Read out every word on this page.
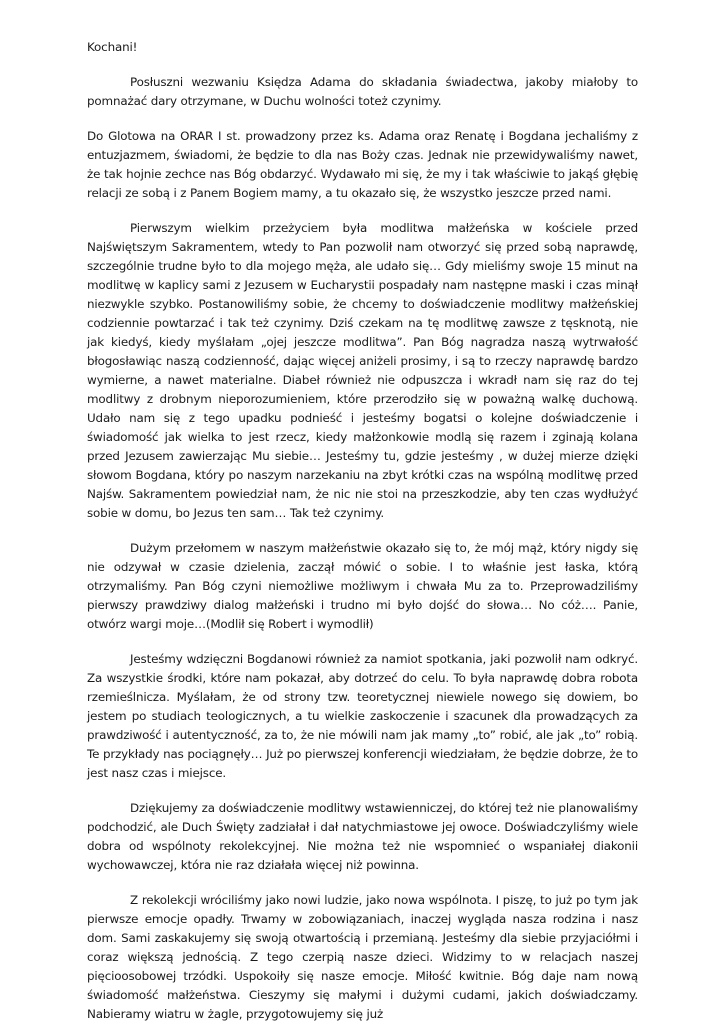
Kochani!

Posłuszni wezwaniu Księdza Adama do składania świadectwa, jakoby miałoby to pomnażać dary otrzymane, w Duchu wolności toteż czynimy.

Do Glotowa na ORAR I st. prowadzony przez ks. Adama oraz Renatę i Bogdana jechaliśmy z entuzjazmem, świadomi, że będzie to dla nas Boży czas. Jednak nie przewidywaliśmy nawet, że tak hojnie zechce nas Bóg obdarzyć. Wydawało mi się, że my i tak właściwie to jakąś głębię relacji ze sobą i z Panem Bogiem mamy, a tu okazało się, że wszystko jeszcze przed nami.

Pierwszym wielkim przeżyciem była modlitwa małżeńska w kościele przed Najświętszym Sakramentem, wtedy to Pan pozwolił nam otworzyć się przed sobą naprawdę, szczególnie trudne było to dla mojego męża, ale udało się… Gdy mieliśmy swoje 15 minut na modlitwę w kaplicy sami z Jezusem w Eucharystii pospadały nam następne maski i czas minął niezwykle szybko. Postanowiliśmy sobie, że chcemy to doświadczenie modlitwy małżeńskiej codziennie powtarzać i tak też czynimy. Dziś czekam na tę modlitwę zawsze z tęsknotą, nie jak kiedyś, kiedy myślałam „ojej jeszcze modlitwa”. Pan Bóg nagradza naszą wytrwałość błogosławiąc naszą codzienność, dając więcej aniżeli prosimy, i są to rzeczy naprawdę bardzo wymierne, a nawet materialne. Diabeł również nie odpuszcza i wkradł nam się raz do tej modlitwy z drobnym nieporozumieniem, które przerodziło się w poważną walkę duchową. Udało nam się z tego upadku podnieść i jesteśmy bogatsi o kolejne doświadczenie i świadomość jak wielka to jest rzecz, kiedy małżonkowie modlą się razem i zginają kolana przed Jezusem zawierzając Mu siebie… Jesteśmy tu, gdzie jesteśmy , w dużej mierze dzięki słowom Bogdana, który po naszym narzekaniu na zbyt krótki czas na wspólną modlitwę przed Najśw. Sakramentem powiedział nam, że nic nie stoi na przeszkodzie, aby ten czas wydłużyć sobie w domu, bo Jezus ten sam… Tak też czynimy.

Dużym przełomem w naszym małżeństwie okazało się to, że mój mąż, który nigdy się nie odzywał w czasie dzielenia, zaczął mówić o sobie. I to właśnie jest łaska, którą otrzymaliśmy. Pan Bóg czyni niemożliwe możliwym i chwała Mu za to. Przeprowadziliśmy pierwszy prawdziwy dialog małżeński i trudno mi było dojść do słowa… No cóż…. Panie, otwórz wargi moje…(Modlił się Robert i wymodlił)

Jesteśmy wdzięczni Bogdanowi również za namiot spotkania, jaki pozwolił nam odkryć. Za wszystkie środki, które nam pokazał, aby dotrzeć do celu. To była naprawdę dobra robota rzemieślnicza. Myślałam, że od strony tzw. teoretycznej niewiele nowego się dowiem, bo jestem po studiach teologicznych, a tu wielkie zaskoczenie i szacunek dla prowadzących za prawdziwość i autentyczność, za to, że nie mówili nam jak mamy „to” robić, ale jak „to” robią. Te przykłady nas pociągnęły… Już po pierwszej konferencji wiedziałam, że będzie dobrze, że to jest nasz czas i miejsce.

Dziękujemy za doświadczenie modlitwy wstawienniczej, do której też nie planowaliśmy podchodzić, ale Duch Święty zadziałał i dał natychmiastowe jej owoce. Doświadczyliśmy wiele dobra od wspólnoty rekolekcyjnej. Nie można też nie wspomnieć o wspaniałej diakonii wychowawczej, która nie raz działała więcej niż powinna.

Z rekolekcji wróciliśmy jako nowi ludzie, jako nowa wspólnota. I piszę, to już po tym jak pierwsze emocje opadły. Trwamy w zobowiązaniach, inaczej wygląda nasza rodzina i nasz dom. Sami zaskakujemy się swoją otwartością i przemianą. Jesteśmy dla siebie przyjaciółmi i coraz większą jednością. Z tego czerpią nasze dzieci. Widzimy to w relacjach naszej pięcioosobowej trzódki. Uspokoiły się nasze emocje. Miłość kwitnie. Bóg daje nam nową świadomość małżeństwa. Cieszymy się małymi i dużymi cudami, jakich doświadczamy. Nabieramy wiatru w żagle, przygotowujemy się już
